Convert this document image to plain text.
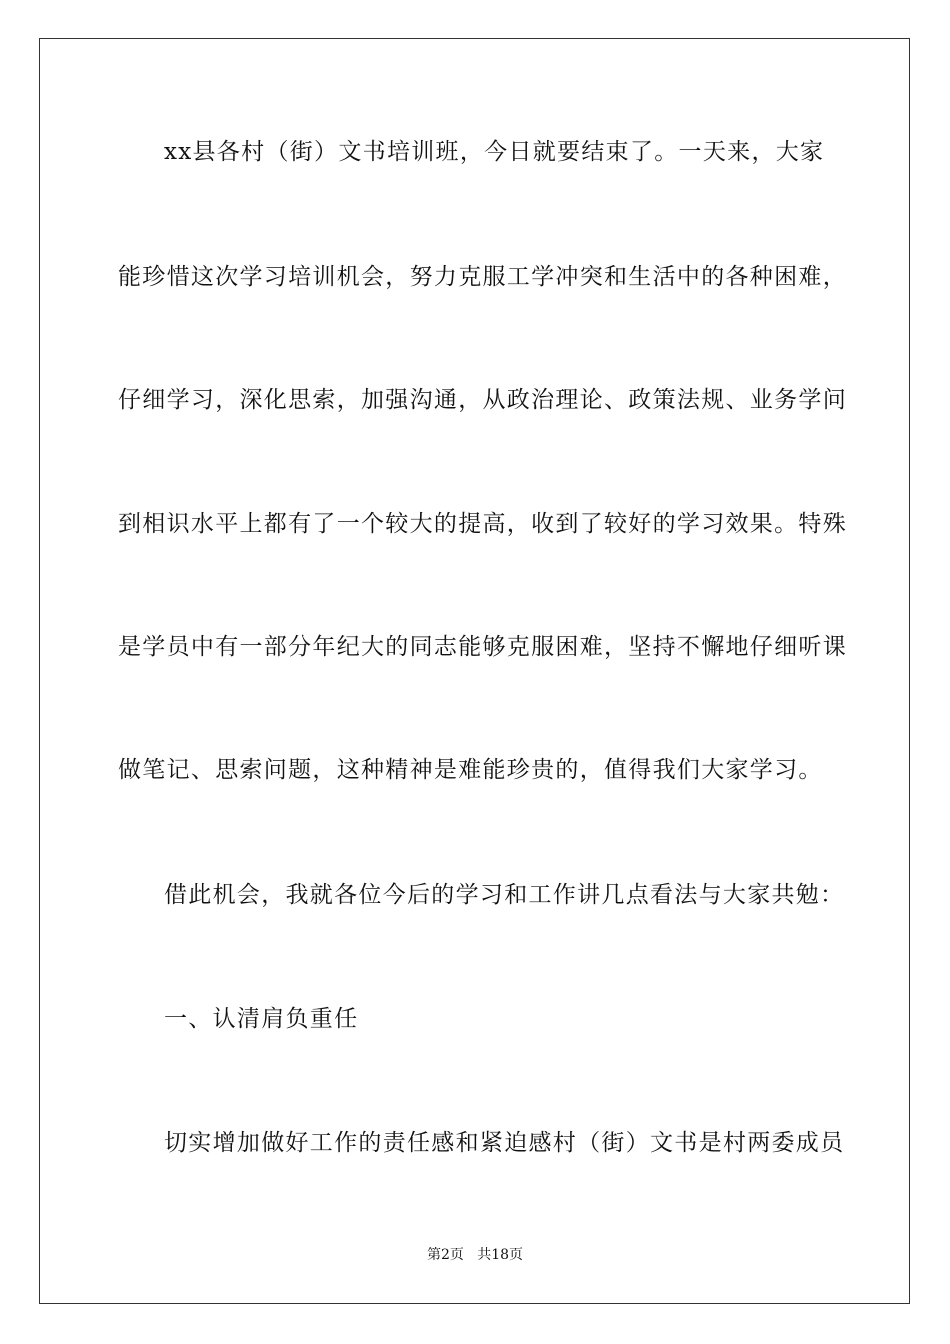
xx县各村（街）文书培训班，今日就要结束了。一天来，大家
能珍惜这次学习培训机会，努力克服工学冲突和生活中的各种困难，
仔细学习，深化思索，加强沟通，从政治理论、政策法规、业务学问
到相识水平上都有了一个较大的提高，收到了较好的学习效果。特殊
是学员中有一部分年纪大的同志能够克服困难，坚持不懈地仔细听课
做笔记、思索问题，这种精神是难能珍贵的，值得我们大家学习。
借此机会，我就各位今后的学习和工作讲几点看法与大家共勉：
一、认清肩负重任
切实增加做好工作的责任感和紧迫感村（街）文书是村两委成员
第2页   共18页
